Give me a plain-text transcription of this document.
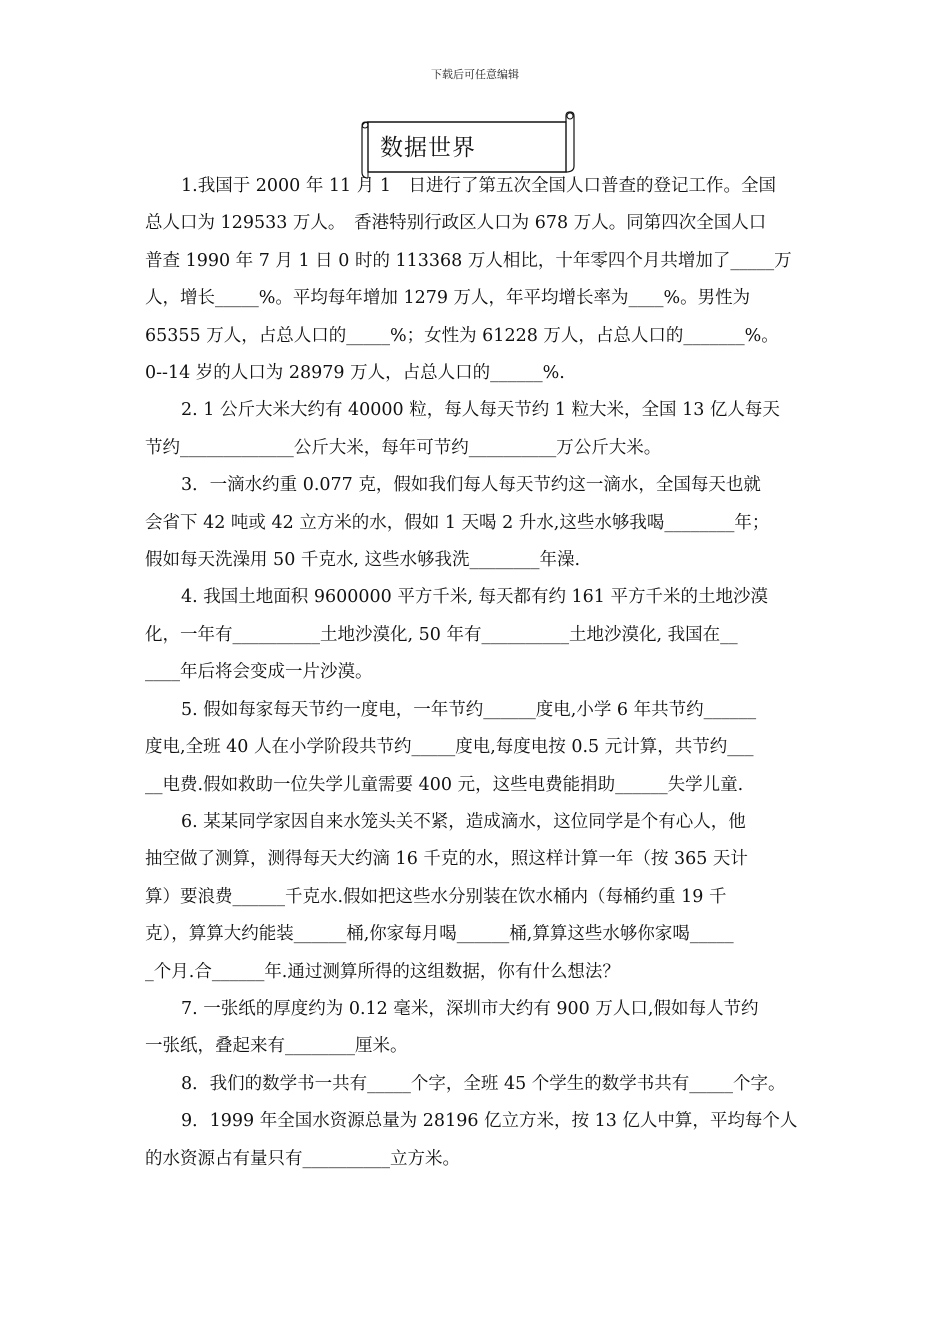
下载后可任意编辑
数据世界
1.我国于 2000 年 11 月 1　日进行了第五次全国人口普查的登记工作。全国
总人口为 129533 万人。　香港特别行政区人口为 678 万人。同第四次全国人口
普查 1990 年 7 月 1 日 0 时的 113368 万人相比，十年零四个月共增加了_____万
人，增长_____%。平均每年增加 1279 万人，年平均增长率为____%。男性为
65355 万人，占总人口的_____%；女性为 61228 万人，占总人口的_______%。
0--14 岁的人口为 28979 万人，占总人口的______%.
2. 1 公斤大米大约有 40000 粒，每人每天节约 1 粒大米，全国 13 亿人每天
节约_____________公斤大米，每年可节约__________万公斤大米。
3．一滴水约重 0.077 克，假如我们每人每天节约这一滴水，全国每天也就
会省下 42 吨或 42 立方米的水，假如 1 天喝 2 升水,这些水够我喝________年；
假如每天洗澡用 50 千克水, 这些水够我洗________年澡.
4. 我国土地面积 9600000 平方千米, 每天都有约 161 平方千米的土地沙漠
化，一年有__________土地沙漠化, 50 年有__________土地沙漠化, 我国在__
____年后将会变成一片沙漠。
5. 假如每家每天节约一度电，一年节约______度电,小学 6 年共节约______
度电,全班 40 人在小学阶段共节约_____度电,每度电按 0.5 元计算，共节约___
__电费.假如救助一位失学儿童需要 400 元，这些电费能捐助______失学儿童.
6. 某某同学家因自来水笼头关不紧，造成滴水，这位同学是个有心人，他
抽空做了测算，测得每天大约滴 16 千克的水，照这样计算一年（按 365 天计
算）要浪费______千克水.假如把这些水分别装在饮水桶内（每桶约重 19 千
克），算算大约能装______桶,你家每月喝______桶,算算这些水够你家喝_____
_个月.合______年.通过测算所得的这组数据，你有什么想法？
7. 一张纸的厚度约为 0.12 毫米，深圳市大约有 900 万人口,假如每人节约
一张纸，叠起来有________厘米。
8．我们的数学书一共有_____个字，全班 45 个学生的数学书共有_____个字。
9．1999 年全国水资源总量为 28196 亿立方米，按 13 亿人中算，平均每个人
的水资源占有量只有__________立方米。
